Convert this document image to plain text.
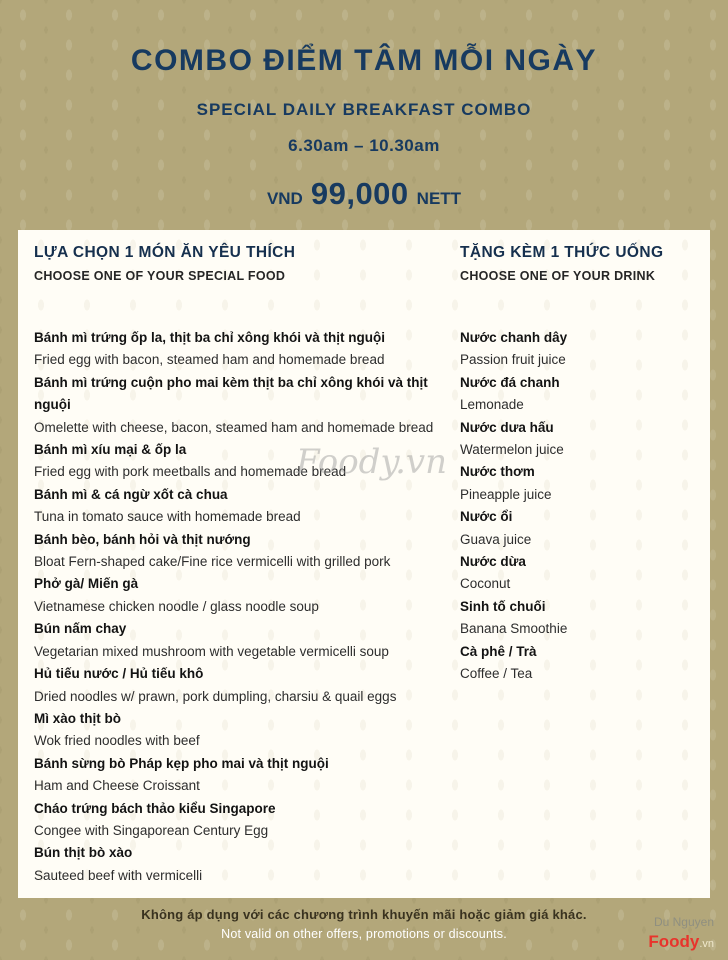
COMBO ĐIỂM TÂM MỖI NGÀY
SPECIAL DAILY BREAKFAST COMBO
6.30am – 10.30am
VND 99,000 NETT
LỰA CHỌN 1 MÓN ĂN YÊU THÍCH
CHOOSE ONE OF YOUR SPECIAL FOOD
Bánh mì trứng ốp la, thịt ba chỉ xông khói và thịt nguội
Fried egg with bacon, steamed ham and homemade bread
Bánh mì trứng cuộn pho mai kèm thịt ba chỉ xông khói và thịt nguội
Omelette with cheese, bacon, steamed ham and homemade bread
Bánh mì xíu mại & ốp la
Fried egg with pork meetballs and homemade bread
Bánh mì & cá ngừ xốt cà chua
Tuna in tomato sauce with homemade bread
Bánh bèo, bánh hỏi và thịt nướng
Bloat Fern-shaped cake/Fine rice vermicelli with grilled pork
Phở gà/ Miến gà
Vietnamese chicken noodle / glass noodle soup
Bún nấm chay
Vegetarian mixed mushroom with vegetable vermicelli soup
Hủ tiếu nước / Hủ tiếu khô
Dried noodles w/ prawn, pork dumpling, charsiu & quail eggs
Mì xào thịt bò
Wok fried noodles with beef
Bánh sừng bò Pháp kẹp pho mai và thịt nguội
Ham and Cheese Croissant
Cháo trứng bách thảo kiểu Singapore
Congee with Singaporean Century Egg
Bún thịt bò xào
Sauteed beef with vermicelli
TẶNG KÈM 1 THỨC UỐNG
CHOOSE ONE OF YOUR DRINK
Nước chanh dây
Passion fruit juice
Nước đá chanh
Lemonade
Nước dưa hấu
Watermelon juice
Nước thơm
Pineapple juice
Nước ổi
Guava juice
Nước dừa
Coconut
Sinh tố chuối
Banana Smoothie
Cà phê / Trà
Coffee / Tea
Foody.vn
Không áp dụng với các chương trình khuyến mãi hoặc giảm giá khác.
Not valid on other offers, promotions or discounts.
Du Nguyen
Foody.vn
